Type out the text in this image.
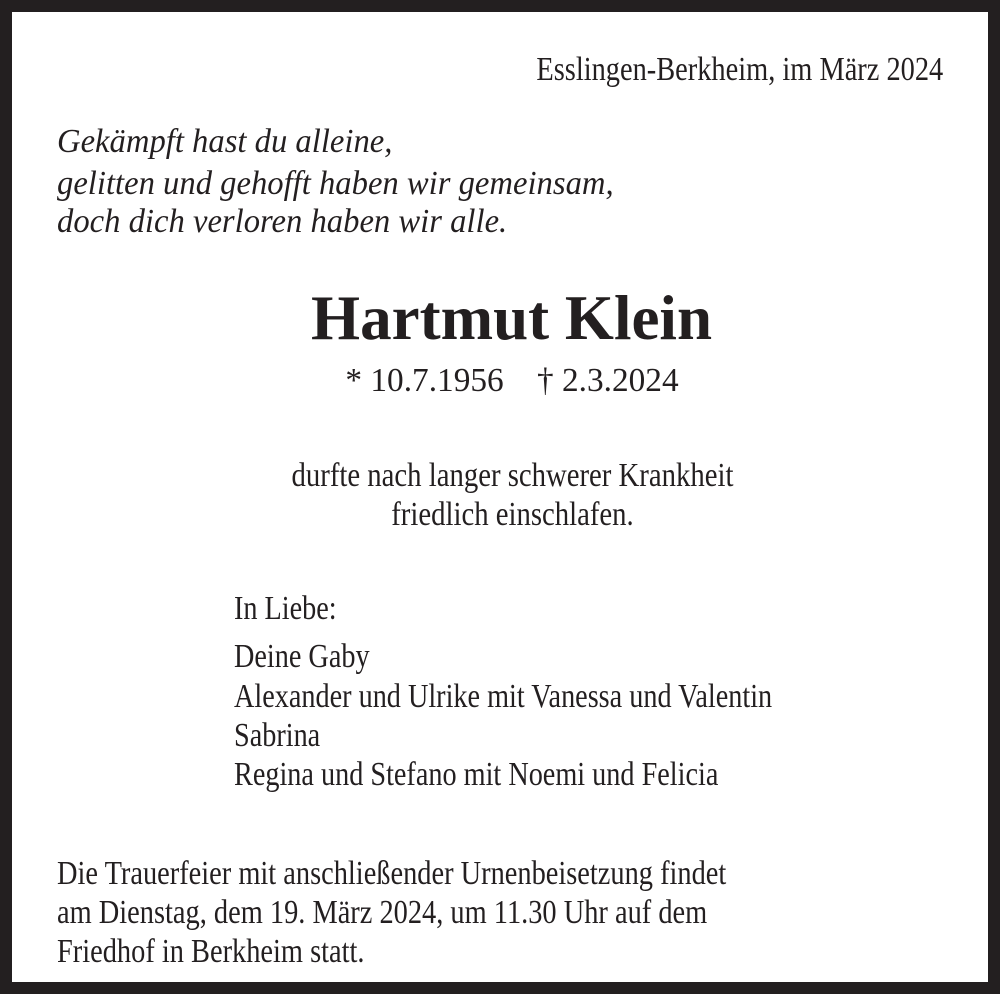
Esslingen-Berkheim, im März 2024
Gekämpft hast du alleine,
gelitten und gehofft haben wir gemeinsam,
doch dich verloren haben wir alle.
Hartmut Klein
* 10.7.1956 † 2.3.2024
durfte nach langer schwerer Krankheit
friedlich einschlafen.
In Liebe:
Deine Gaby
Alexander und Ulrike mit Vanessa und Valentin
Sabrina
Regina und Stefano mit Noemi und Felicia
Die Trauerfeier mit anschließender Urnenbeisetzung findet
am Dienstag, dem 19. März 2024, um 11.30 Uhr auf dem
Friedhof in Berkheim statt.
